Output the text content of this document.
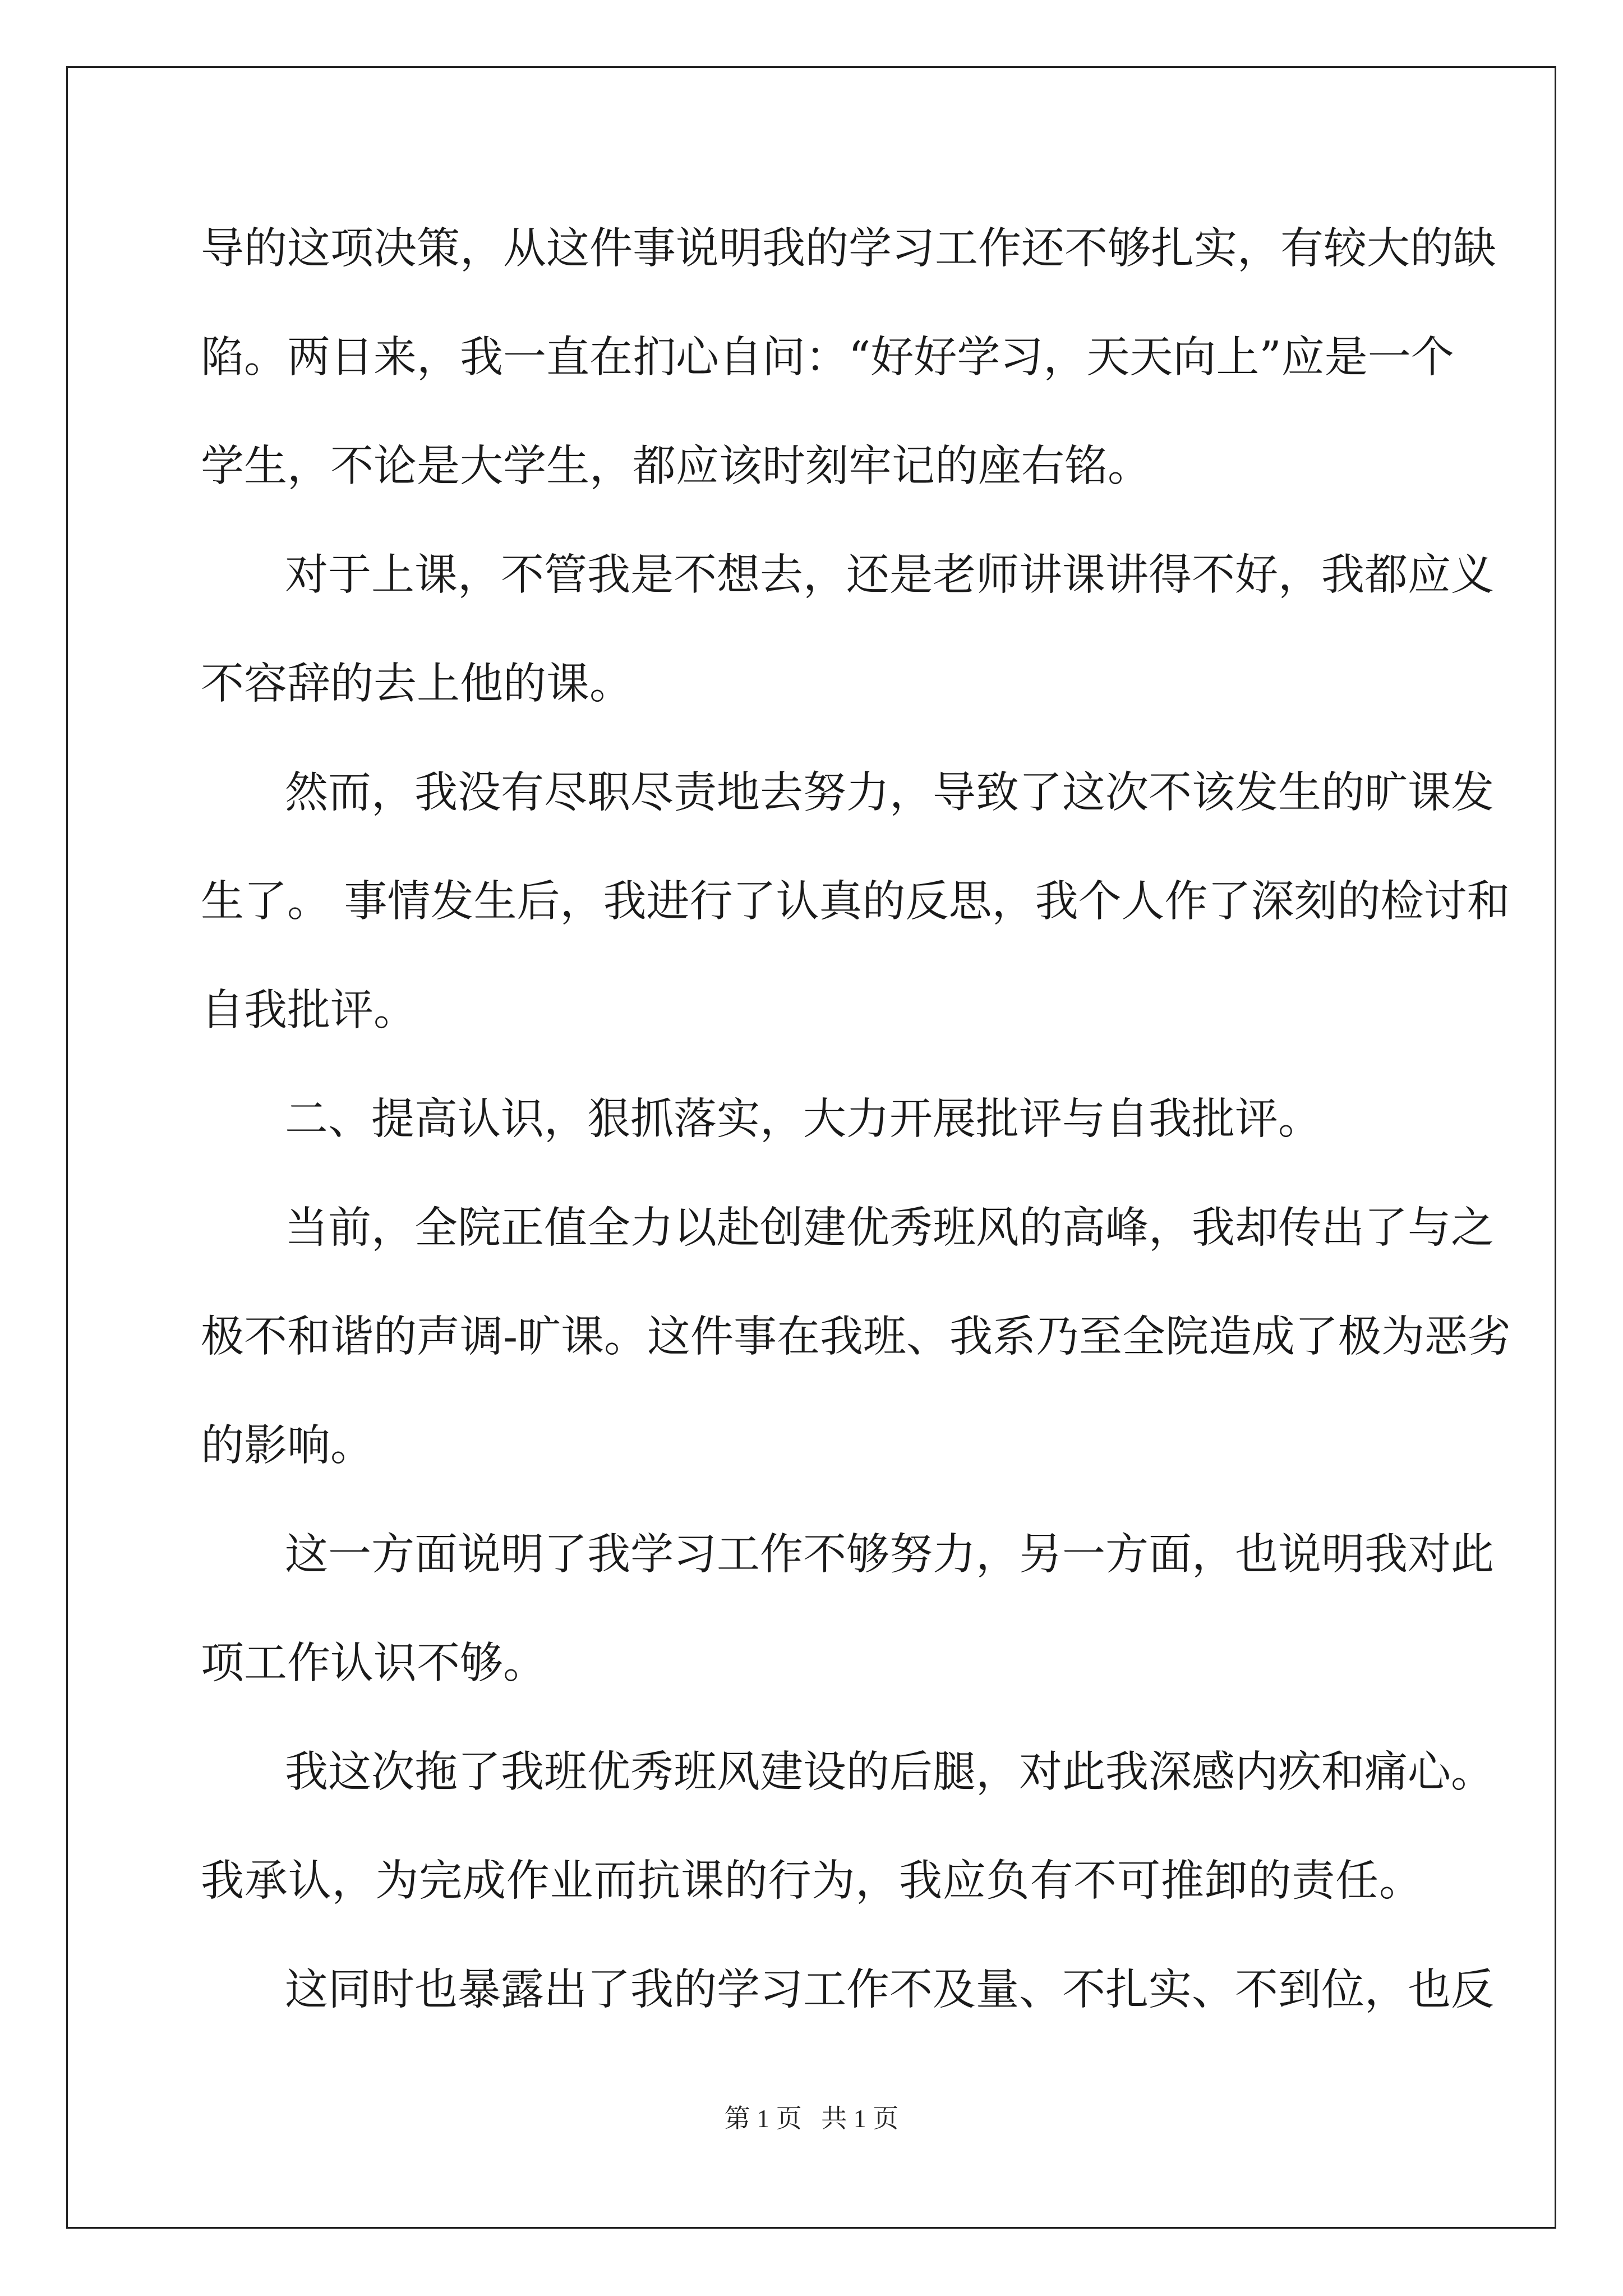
导的这项决策，从这件事说明我的学习工作还不够扎实，有较大的缺
陷。两日来，我一直在扪心自问：“好好学习，天天向上”应是一个
学生，不论是大学生，都应该时刻牢记的座右铭。
对于上课，不管我是不想去，还是老师讲课讲得不好，我都应义
不容辞的去上他的课。
然而，我没有尽职尽责地去努力，导致了这次不该发生的旷课发
生了。 事情发生后，我进行了认真的反思，我个人作了深刻的检讨和
自我批评。
二、提高认识，狠抓落实，大力开展批评与自我批评。
当前，全院正值全力以赴创建优秀班风的高峰，我却传出了与之
极不和谐的声调-旷课。这件事在我班、我系乃至全院造成了极为恶劣
的影响。
这一方面说明了我学习工作不够努力，另一方面，也说明我对此
项工作认识不够。
我这次拖了我班优秀班风建设的后腿，对此我深感内疚和痛心。
我承认，为完成作业而抗课的行为，我应负有不可推卸的责任。
这同时也暴露出了我的学习工作不及量、不扎实、不到位，也反
第 1 页   共 1 页
